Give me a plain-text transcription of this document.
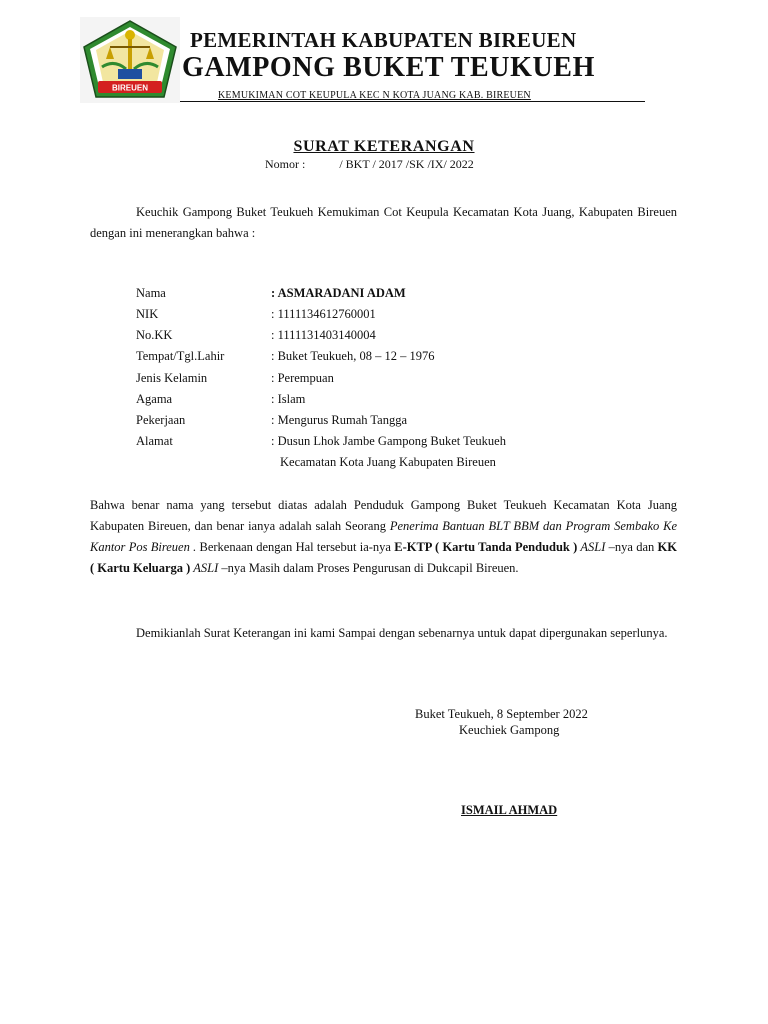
BIREUEN
PEMERINTAH KABUPATEN BIREUEN
GAMPONG BUKET TEUKUEH
KEMUKIMAN COT KEUPULA KEC N KOTA JUANG KAB. BIREUEN
SURAT KETERANGAN
Nomor :	/ BKT / 2017 /SK /IX/ 2022
Keuchik Gampong Buket Teukueh Kemukiman Cot Keupula Kecamatan Kota Juang, Kabupaten Bireuen dengan ini menerangkan bahwa :
Nama	: ASMARADANI ADAM
NIK	: 1111134612760001
No.KK	: 1111131403140004
Tempat/Tgl.Lahir	: Buket Teukueh, 08 – 12 – 1976
Jenis Kelamin	: Perempuan
Agama	: Islam
Pekerjaan	: Mengurus Rumah Tangga
Alamat	: Dusun Lhok Jambe Gampong Buket Teukueh
Kecamatan Kota Juang Kabupaten Bireuen
Bahwa benar nama yang tersebut diatas adalah Penduduk Gampong Buket Teukueh Kecamatan Kota Juang Kabupaten Bireuen, dan benar ianya adalah salah Seorang Penerima Bantuan BLT BBM dan Program Sembako Ke Kantor Pos Bireuen . Berkenaan dengan Hal tersebut ia-nya E-KTP ( Kartu Tanda Penduduk ) ASLI –nya dan KK ( Kartu Keluarga ) ASLI –nya Masih dalam Proses Pengurusan di Dukcapil Bireuen.
Demikianlah Surat Keterangan ini kami Sampai dengan sebenarnya untuk dapat dipergunakan seperlunya.
Buket Teukueh, 8 September 2022
Keuchiek Gampong
ISMAIL AHMAD
